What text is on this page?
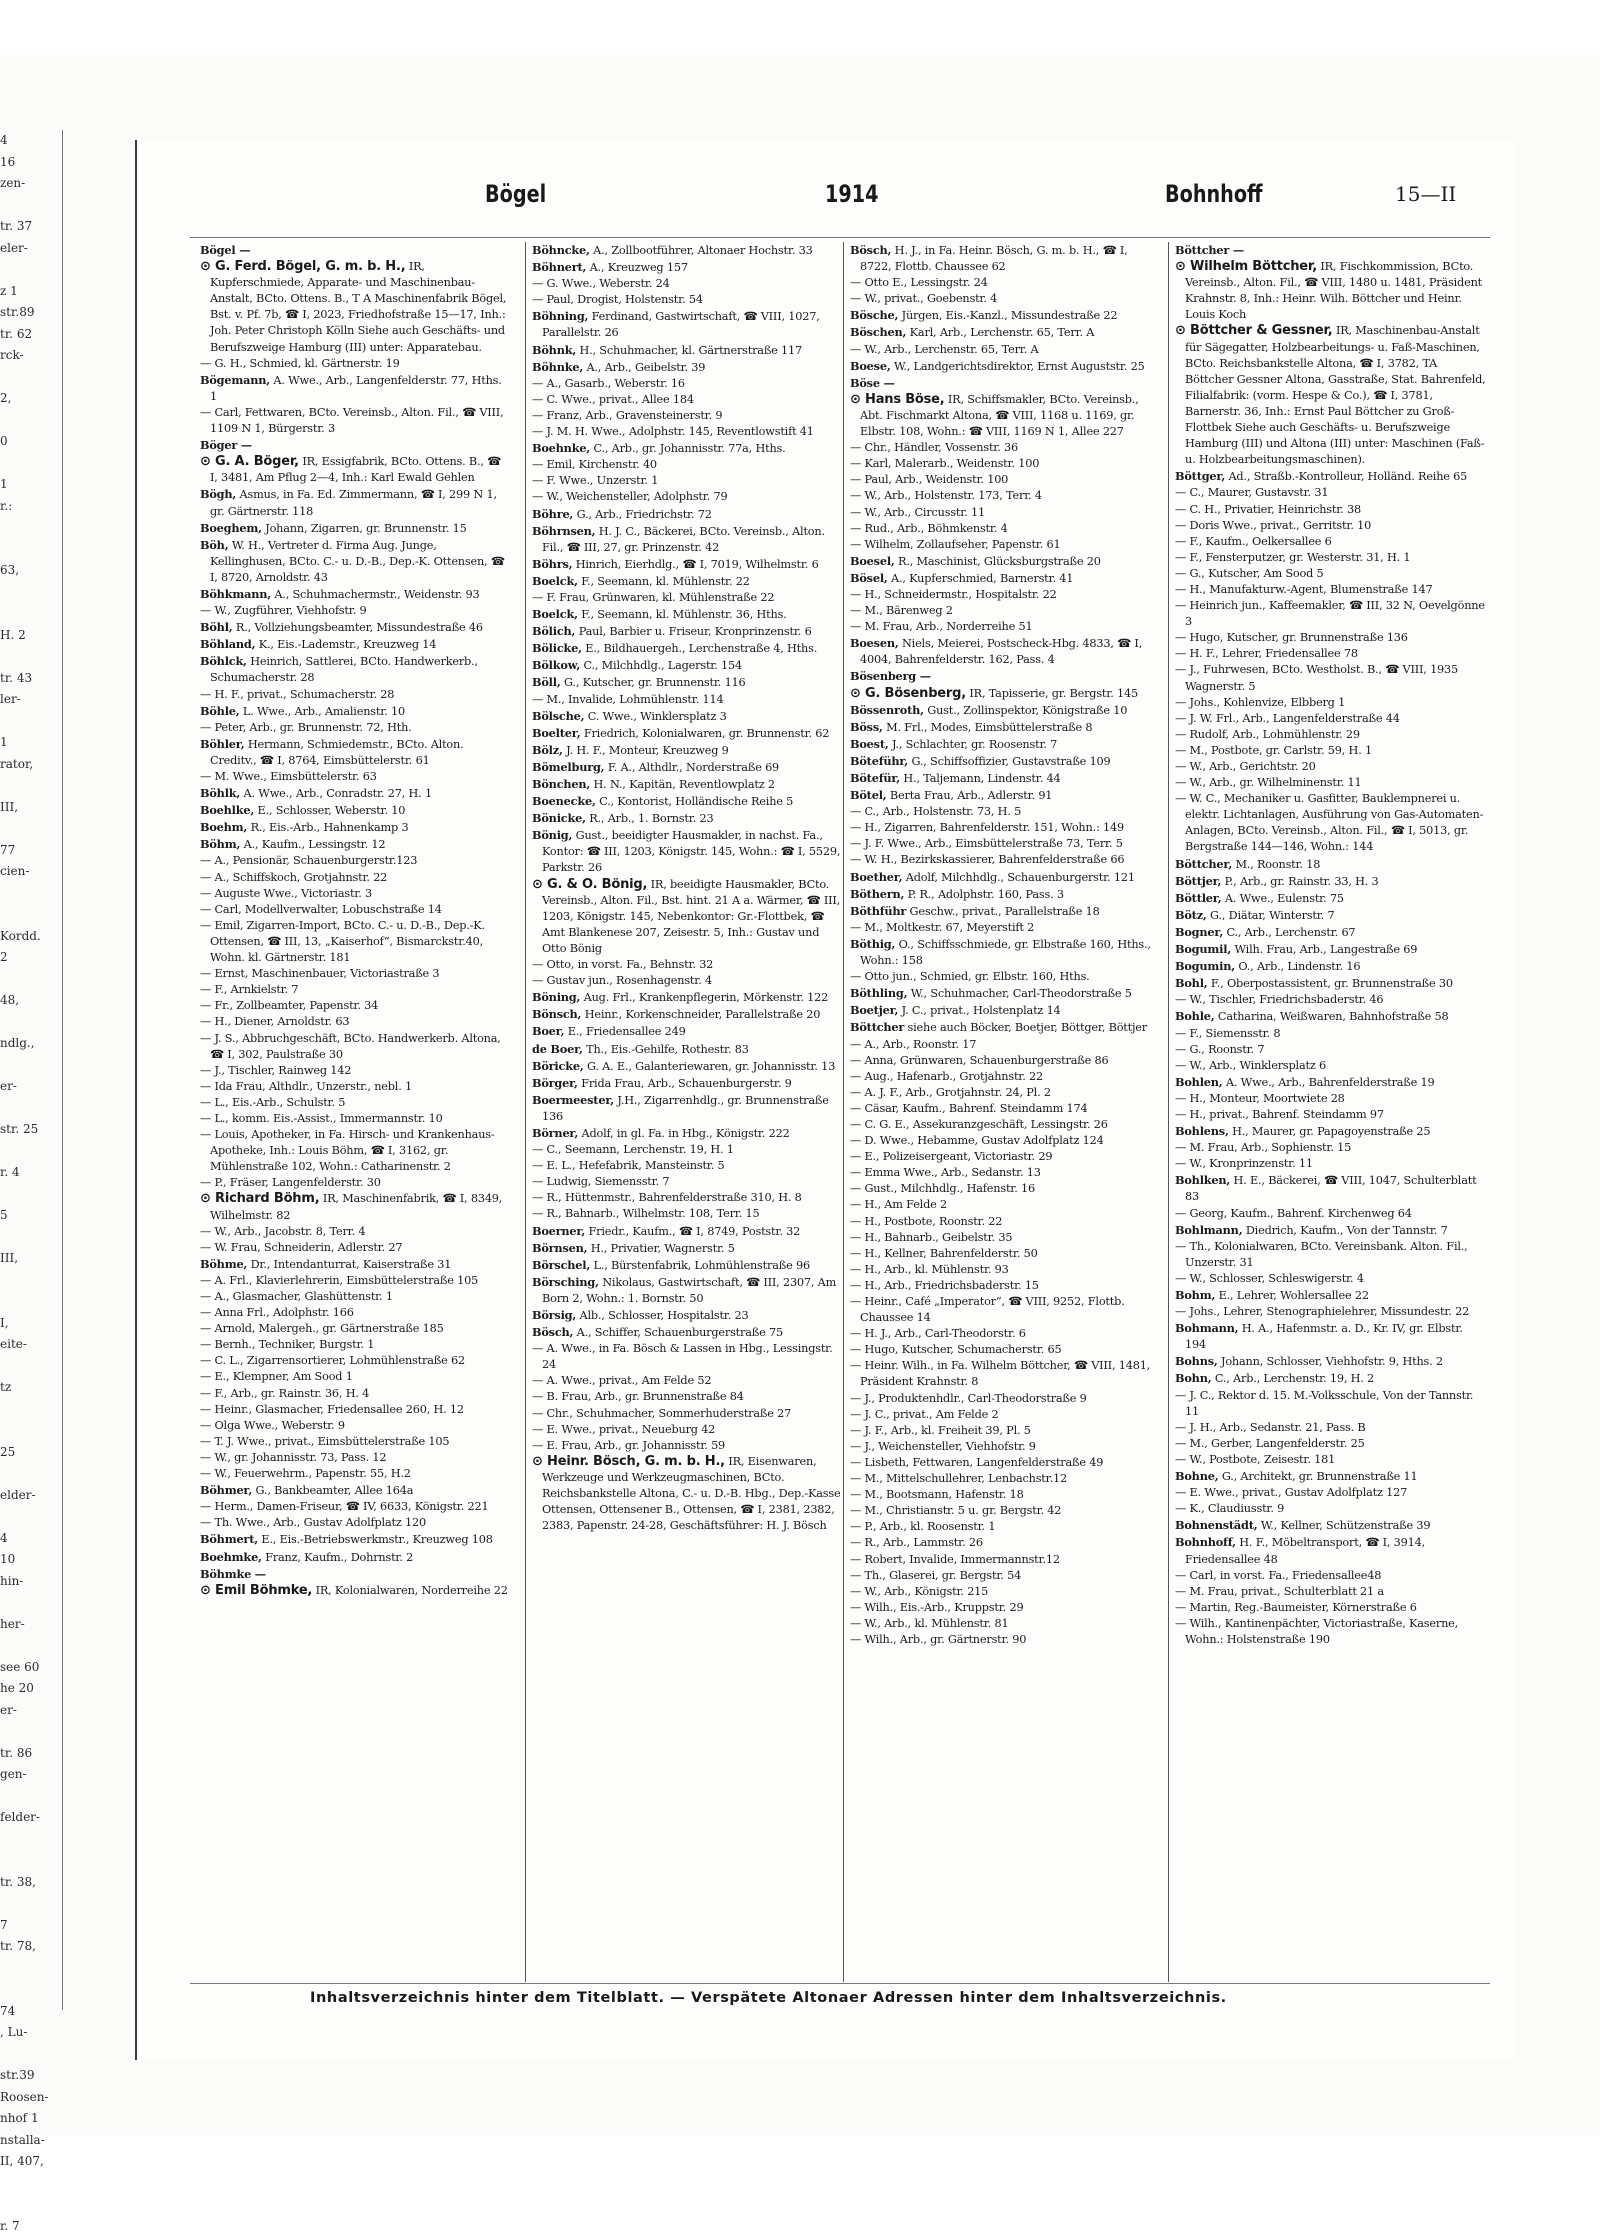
4
16
zen-

tr. 37
eler-

z 1
str.89
tr. 62
rck-

2,

0

1
r.:

63,

H. 2

tr. 43
ler-

1
rator,

III,

77
cien-

Kordd.
2

48,

ndlg.,

er-

str. 25

r. 4

5

III,

I,
eite-

tz

25

elder-

4
10
hin-

her-

see 60
he 20
er-

tr. 86
gen-

felder-

tr. 38,

7
tr. 78,

74
, Lu-

str.39
Roosen-
nhof 1
nstalla-
II, 407,

r. 7
Bögel	1914	Bohnhoff	15—II

Bögel —

⊙ G. Ferd. Bögel, G. m. b. H., IR, Kupferschmiede, Apparate- und Maschinenbau-Anstalt, BCto. Ottens. B., T A Maschinenfabrik Bögel, Bst. v. Pf. 7b, ☎ I, 2023, Friedhofstraße 15—17, Inh.: Joh. Peter Christoph Kölln Siehe auch Geschäfts- und Berufszweige Hamburg (III) unter: Apparatebau.

— G. H., Schmied, kl. Gärtnerstr. 19

Bögemann, A. Wwe., Arb., Langenfelderstr. 77, Hths. 1

— Carl, Fettwaren, BCto. Vereinsb., Alton. Fil., ☎ VIII, 1109 N 1, Bürgerstr. 3

Böger —

⊙ G. A. Böger, IR, Essigfabrik, BCto. Ottens. B., ☎ I, 3481, Am Pflug 2—4, Inh.: Karl Ewald Gehlen

Bögh, Asmus, in Fa. Ed. Zimmermann, ☎ I, 299 N 1, gr. Gärtnerstr. 118

Boeghem, Johann, Zigarren, gr. Brunnenstr. 15

Böh, W. H., Vertreter d. Firma Aug. Junge, Kellinghusen, BCto. C.- u. D.-B., Dep.-K. Ottensen, ☎ I, 8720, Arnoldstr. 43

Böhkmann, A., Schuhmachermstr., Weidenstr. 93

— W., Zugführer, Viehhofstr. 9

Böhl, R., Vollziehungsbeamter, Missundestraße 46

Böhland, K., Eis.-Lademstr., Kreuzweg 14

Böhlck, Heinrich, Sattlerei, BCto. Handwerkerb., Schumacherstr. 28

— H. F., privat., Schumacherstr. 28

Böhle, L. Wwe., Arb., Amalienstr. 10

— Peter, Arb., gr. Brunnenstr. 72, Hth.

Böhler, Hermann, Schmiedemstr., BCto. Alton. Creditv., ☎ I, 8764, Eimsbüttelerstr. 61

— M. Wwe., Eimsbüttelerstr. 63

Böhlk, A. Wwe., Arb., Conradstr. 27, H. 1

Boehlke, E., Schlosser, Weberstr. 10

Boehm, R., Eis.-Arb., Hahnenkamp 3

Böhm, A., Kaufm., Lessingstr. 12

— A., Pensionär, Schauenburgerstr.123

— A., Schiffskoch, Grotjahnstr. 22

— Auguste Wwe., Victoriastr. 3

— Carl, Modellverwalter, Lobuschstraße 14

— Emil, Zigarren-Import, BCto. C.- u. D.-B., Dep.-K. Ottensen, ☎ III, 13, „Kaiserhof“, Bismarckstr.40, Wohn. kl. Gärtnerstr. 181

— Ernst, Maschinenbauer, Victoriastraße 3

— F., Arnkielstr. 7

— Fr., Zollbeamter, Papenstr. 34

— H., Diener, Arnoldstr. 63

— J. S., Abbruchgeschäft, BCto. Handwerkerb. Altona, ☎ I, 302, Paulstraße 30

— J., Tischler, Rainweg 142

— Ida Frau, Althdlr., Unzerstr., nebl. 1

— L., Eis.-Arb., Schulstr. 5

— L., komm. Eis.-Assist., Immermannstr. 10

— Louis, Apotheker, in Fa. Hirsch- und Krankenhaus-Apotheke, Inh.: Louis Böhm, ☎ I, 3162, gr. Mühlenstraße 102, Wohn.: Catharinenstr. 2

— P., Fräser, Langenfelderstr. 30

⊙ Richard Böhm, IR, Maschinenfabrik, ☎ I, 8349, Wilhelmstr. 82

— W., Arb., Jacobstr. 8, Terr. 4

— W. Frau, Schneiderin, Adlerstr. 27

Böhme, Dr., Intendanturrat, Kaiserstraße 31

— A. Frl., Klavierlehrerin, Eimsbüttelerstraße 105

— A., Glasmacher, Glashüttenstr. 1

— Anna Frl., Adolphstr. 166

— Arnold, Malergeh., gr. Gärtnerstraße 185

— Bernh., Techniker, Burgstr. 1

— C. L., Zigarrensortierer, Lohmühlenstraße 62

— E., Klempner, Am Sood 1

— F., Arb., gr. Rainstr. 36, H. 4

— Heinr., Glasmacher, Friedensallee 260, H. 12

— Olga Wwe., Weberstr. 9

— T. J. Wwe., privat., Eimsbüttelerstraße 105

— W., gr. Johannisstr. 73, Pass. 12

— W., Feuerwehrm., Papenstr. 55, H.2

Böhmer, G., Bankbeamter, Allee 164a

— Herm., Damen-Friseur, ☎ IV, 6633, Königstr. 221

— Th. Wwe., Arb., Gustav Adolfplatz 120

Böhmert, E., Eis.-Betriebswerkmstr., Kreuzweg 108

Boehmke, Franz, Kaufm., Dohrnstr. 2

Böhmke —

⊙ Emil Böhmke, IR, Kolonialwaren, Norderreihe 22

Böhncke, A., Zollbootführer, Altonaer Hochstr. 33

Böhnert, A., Kreuzweg 157

— G. Wwe., Weberstr. 24

— Paul, Drogist, Holstenstr. 54

Böhning, Ferdinand, Gastwirtschaft, ☎ VIII, 1027, Parallelstr. 26

Böhnk, H., Schuhmacher, kl. Gärtnerstraße 117

Böhnke, A., Arb., Geibelstr. 39

— A., Gasarb., Weberstr. 16

— C. Wwe., privat., Allee 184

— Franz, Arb., Gravensteinerstr. 9

— J. M. H. Wwe., Adolphstr. 145, Reventlowstift 41

Boehnke, C., Arb., gr. Johannisstr. 77a, Hths.

— Emil, Kirchenstr. 40

— F. Wwe., Unzerstr. 1

— W., Weichensteller, Adolphstr. 79

Böhre, G., Arb., Friedrichstr. 72

Böhrnsen, H. J. C., Bäckerei, BCto. Vereinsb., Alton. Fil., ☎ III, 27, gr. Prinzenstr. 42

Böhrs, Hinrich, Eierhdlg., ☎ I, 7019, Wilhelmstr. 6

Boelck, F., Seemann, kl. Mühlenstr. 22

— F. Frau, Grünwaren, kl. Mühlenstraße 22

Boelck, F., Seemann, kl. Mühlenstr. 36, Hths.

Bölich, Paul, Barbier u. Friseur, Kronprinzenstr. 6

Bölicke, E., Bildhauergeh., Lerchenstraße 4, Hths.

Bölkow, C., Milchhdlg., Lagerstr. 154

Böll, G., Kutscher, gr. Brunnenstr. 116

— M., Invalide, Lohmühlenstr. 114

Bölsche, C. Wwe., Winklersplatz 3

Boelter, Friedrich, Kolonialwaren, gr. Brunnenstr. 62

Bölz, J. H. F., Monteur, Kreuzweg 9

Bömelburg, F. A., Althdlr., Norderstraße 69

Bönchen, H. N., Kapitän, Reventlowplatz 2

Boenecke, C., Kontorist, Holländische Reihe 5

Bönicke, R., Arb., 1. Bornstr. 23

Bönig, Gust., beeidigter Hausmakler, in nachst. Fa., Kontor: ☎ III, 1203, Königstr. 145, Wohn.: ☎ I, 5529, Parkstr. 26

⊙ G. & O. Bönig, IR, beeidigte Hausmakler, BCto. Vereinsb., Alton. Fil., Bst. hint. 21 A a. Wärmer, ☎ III, 1203, Königstr. 145, Nebenkontor: Gr.-Flottbek, ☎ Amt Blankenese 207, Zeisestr. 5, Inh.: Gustav und Otto Bönig

— Otto, in vorst. Fa., Behnstr. 32

— Gustav jun., Rosenhagenstr. 4

Böning, Aug. Frl., Krankenpflegerin, Mörkenstr. 122

Bönsch, Heinr., Korkenschneider, Parallelstraße 20

Boer, E., Friedensallee 249

de Boer, Th., Eis.-Gehilfe, Rothestr. 83

Böricke, G. A. E., Galanteriewaren, gr. Johannisstr. 13

Börger, Frida Frau, Arb., Schauenburgerstr. 9

Boermeester, J.H., Zigarrenhdlg., gr. Brunnenstraße 136

Börner, Adolf, in gl. Fa. in Hbg., Königstr. 222

— C., Seemann, Lerchenstr. 19, H. 1

— E. L., Hefefabrik, Mansteinstr. 5

— Ludwig, Siemensstr. 7

— R., Hüttenmstr., Bahrenfelderstraße 310, H. 8

— R., Bahnarb., Wilhelmstr. 108, Terr. 15

Boerner, Friedr., Kaufm., ☎ I, 8749, Poststr. 32

Börnsen, H., Privatier, Wagnerstr. 5

Börschel, L., Bürstenfabrik, Lohmühlenstraße 96

Börsching, Nikolaus, Gastwirtschaft, ☎ III, 2307, Am Born 2, Wohn.: 1. Bornstr. 50

Börsig, Alb., Schlosser, Hospitalstr. 23

Bösch, A., Schiffer, Schauenburgerstraße 75

— A. Wwe., in Fa. Bösch & Lassen in Hbg., Lessingstr. 24

— A. Wwe., privat., Am Felde 52

— B. Frau, Arb., gr. Brunnenstraße 84

— Chr., Schuhmacher, Sommerhuderstraße 27

— E. Wwe., privat., Neueburg 42

— E. Frau, Arb., gr. Johannisstr. 59

⊙ Heinr. Bösch, G. m. b. H., IR, Eisenwaren, Werkzeuge und Werkzeugmaschinen, BCto. Reichsbankstelle Altona, C.- u. D.-B. Hbg., Dep.-Kasse Ottensen, Ottensener B., Ottensen, ☎ I, 2381, 2382, 2383, Papenstr. 24-28, Geschäftsführer: H. J. Bösch

Bösch, H. J., in Fa. Heinr. Bösch, G. m. b. H., ☎ I, 8722, Flottb. Chaussee 62

— Otto E., Lessingstr. 24

— W., privat., Goebenstr. 4

Bösche, Jürgen, Eis.-Kanzl., Missundestraße 22

Böschen, Karl, Arb., Lerchenstr. 65, Terr. A

— W., Arb., Lerchenstr. 65, Terr. A

Boese, W., Landgerichtsdirektor, Ernst Auguststr. 25

Böse —

⊙ Hans Böse, IR, Schiffsmakler, BCto. Vereinsb., Abt. Fischmarkt Altona, ☎ VIII, 1168 u. 1169, gr. Elbstr. 108, Wohn.: ☎ VIII, 1169 N 1, Allee 227

— Chr., Händler, Vossenstr. 36

— Karl, Malerarb., Weidenstr. 100

— Paul, Arb., Weidenstr. 100

— W., Arb., Holstenstr. 173, Terr. 4

— W., Arb., Circusstr. 11

— Rud., Arb., Böhmkenstr. 4

— Wilhelm, Zollaufseher, Papenstr. 61

Boesel, R., Maschinist, Glücksburgstraße 20

Bösel, A., Kupferschmied, Barnerstr. 41

— H., Schneidermstr., Hospitalstr. 22

— M., Bärenweg 2

— M. Frau, Arb., Norderreihe 51

Boesen, Niels, Meierei, Postscheck-Hbg. 4833, ☎ I, 4004, Bahrenfelderstr. 162, Pass. 4

Bösenberg —

⊙ G. Bösenberg, IR, Tapisserie, gr. Bergstr. 145

Bössenroth, Gust., Zollinspektor, Königstraße 10

Böss, M. Frl., Modes, Eimsbüttelerstraße 8

Boest, J., Schlachter, gr. Roosenstr. 7

Böteführ, G., Schiffsoffizier, Gustavstraße 109

Bötefür, H., Taljemann, Lindenstr. 44

Bötel, Berta Frau, Arb., Adlerstr. 91

— C., Arb., Holstenstr. 73, H. 5

— H., Zigarren, Bahrenfelderstr. 151, Wohn.: 149

— J. F. Wwe., Arb., Eimsbüttelerstraße 73, Terr. 5

— W. H., Bezirkskassierer, Bahrenfelderstraße 66

Boether, Adolf, Milchhdlg., Schauenburgerstr. 121

Böthern, P. R., Adolphstr. 160, Pass. 3

Böthführ Geschw., privat., Parallelstraße 18

— M., Moltkestr. 67, Meyerstift 2

Böthig, O., Schiffsschmiede, gr. Elbstraße 160, Hths., Wohn.: 158

— Otto jun., Schmied, gr. Elbstr. 160, Hths.

Böthling, W., Schuhmacher, Carl-Theodorstraße 5

Boetjer, J. C., privat., Holstenplatz 14

Böttcher siehe auch Böcker, Boetjer, Böttger, Böttjer

— A., Arb., Roonstr. 17

— Anna, Grünwaren, Schauenburgerstraße 86

— Aug., Hafenarb., Grotjahnstr. 22

— A. J. F., Arb., Grotjahnstr. 24, Pl. 2

— Cäsar, Kaufm., Bahrenf. Steindamm 174

— C. G. E., Assekuranzgeschäft, Lessingstr. 26

— D. Wwe., Hebamme, Gustav Adolfplatz 124

— E., Polizeisergeant, Victoriastr. 29

— Emma Wwe., Arb., Sedanstr. 13

— Gust., Milchhdlg., Hafenstr. 16

— H., Am Felde 2

— H., Postbote, Roonstr. 22

— H., Bahnarb., Geibelstr. 35

— H., Kellner, Bahrenfelderstr. 50

— H., Arb., kl. Mühlenstr. 93

— H., Arb., Friedrichsbaderstr. 15

— Heinr., Café „Imperator“, ☎ VIII, 9252, Flottb. Chaussee 14

— H. J., Arb., Carl-Theodorstr. 6

— Hugo, Kutscher, Schumacherstr. 65

— Heinr. Wilh., in Fa. Wilhelm Böttcher, ☎ VIII, 1481, Präsident Krahnstr. 8

— J., Produktenhdlr., Carl-Theodorstraße 9

— J. C., privat., Am Felde 2

— J. F., Arb., kl. Freiheit 39, Pl. 5

— J., Weichensteller, Viehhofstr. 9

— Lisbeth, Fettwaren, Langenfelderstraße 49

— M., Mittelschullehrer, Lenbachstr.12

— M., Bootsmann, Hafenstr. 18

— M., Christianstr. 5 u. gr. Bergstr. 42

— P., Arb., kl. Roosenstr. 1

— R., Arb., Lammstr. 26

— Robert, Invalide, Immermannstr.12

— Th., Glaserei, gr. Bergstr. 54

— W., Arb., Königstr. 215

— Wilh., Eis.-Arb., Kruppstr. 29

— W., Arb., kl. Mühlenstr. 81

— Wilh., Arb., gr. Gärtnerstr. 90

Böttcher —

⊙ Wilhelm Böttcher, IR, Fischkommission, BCto. Vereinsb., Alton. Fil., ☎ VIII, 1480 u. 1481, Präsident Krahnstr. 8, Inh.: Heinr. Wilh. Böttcher und Heinr. Louis Koch

⊙ Böttcher & Gessner, IR, Maschinenbau-Anstalt für Sägegatter, Holzbearbeitungs- u. Faß-Maschinen, BCto. Reichsbankstelle Altona, ☎ I, 3782, TA Böttcher Gessner Altona, Gasstraße, Stat. Bahrenfeld, Filialfabrik: (vorm. Hespe & Co.), ☎ I, 3781, Barnerstr. 36, Inh.: Ernst Paul Böttcher zu Groß-Flottbek Siehe auch Geschäfts- u. Berufszweige Hamburg (III) und Altona (III) unter: Maschinen (Faß- u. Holzbearbeitungsmaschinen).

Böttger, Ad., Straßb.-Kontrolleur, Holländ. Reihe 65

— C., Maurer, Gustavstr. 31

— C. H., Privatier, Heinrichstr. 38

— Doris Wwe., privat., Gerritstr. 10

— F., Kaufm., Oelkersallee 6

— F., Fensterputzer, gr. Westerstr. 31, H. 1

— G., Kutscher, Am Sood 5

— H., Manufakturw.-Agent, Blumenstraße 147

— Heinrich jun., Kaffeemakler, ☎ III, 32 N, Oevelgönne 3

— Hugo, Kutscher, gr. Brunnenstraße 136

— H. F., Lehrer, Friedensallee 78

— J., Fuhrwesen, BCto. Westholst. B., ☎ VIII, 1935 Wagnerstr. 5

— Johs., Kohlenvize, Elbberg 1

— J. W. Frl., Arb., Langenfelderstraße 44

— Rudolf, Arb., Lohmühlenstr. 29

— M., Postbote, gr. Carlstr. 59, H. 1

— W., Arb., Gerichtstr. 20

— W., Arb., gr. Wilhelminenstr. 11

— W. C., Mechaniker u. Gasfitter, Bauklempnerei u. elektr. Lichtanlagen, Ausführung von Gas-Automaten-Anlagen, BCto. Vereinsb., Alton. Fil., ☎ I, 5013, gr. Bergstraße 144—146, Wohn.: 144

Böttcher, M., Roonstr. 18

Böttjer, P., Arb., gr. Rainstr. 33, H. 3

Böttler, A. Wwe., Eulenstr. 75

Bötz, G., Diätar, Winterstr. 7

Bogner, C., Arb., Lerchenstr. 67

Bogumil, Wilh. Frau, Arb., Langestraße 69

Bogumin, O., Arb., Lindenstr. 16

Bohl, F., Oberpostassistent, gr. Brunnenstraße 30

— W., Tischler, Friedrichsbaderstr. 46

Bohle, Catharina, Weißwaren, Bahnhofstraße 58

— F., Siemensstr. 8

— G., Roonstr. 7

— W., Arb., Winklersplatz 6

Bohlen, A. Wwe., Arb., Bahrenfelderstraße 19

— H., Monteur, Moortwiete 28

— H., privat., Bahrenf. Steindamm 97

Bohlens, H., Maurer, gr. Papagoyenstraße 25

— M. Frau, Arb., Sophienstr. 15

— W., Kronprinzenstr. 11

Bohlken, H. E., Bäckerei, ☎ VIII, 1047, Schulterblatt 83

— Georg, Kaufm., Bahrenf. Kirchenweg 64

Bohlmann, Diedrich, Kaufm., Von der Tannstr. 7

— Th., Kolonialwaren, BCto. Vereinsbank. Alton. Fil., Unzerstr. 31

— W., Schlosser, Schleswigerstr. 4

Bohm, E., Lehrer, Wohlersallee 22

— Johs., Lehrer, Stenographielehrer, Missundestr. 22

Bohmann, H. A., Hafenmstr. a. D., Kr. IV, gr. Elbstr. 194

Bohns, Johann, Schlosser, Viehhofstr. 9, Hths. 2

Bohn, C., Arb., Lerchenstr. 19, H. 2

— J. C., Rektor d. 15. M.-Volksschule, Von der Tannstr. 11

— J. H., Arb., Sedanstr. 21, Pass. B

— M., Gerber, Langenfelderstr. 25

— W., Postbote, Zeisestr. 181

Bohne, G., Architekt, gr. Brunnenstraße 11

— E. Wwe., privat., Gustav Adolfplatz 127

— K., Claudiusstr. 9

Bohnenstädt, W., Kellner, Schützenstraße 39

Bohnhoff, H. F., Möbeltransport, ☎ I, 3914, Friedensallee 48

— Carl, in vorst. Fa., Friedensallee48

— M. Frau, privat., Schulterblatt 21 a

— Martin, Reg.-Baumeister, Körnerstraße 6

— Wilh., Kantinenpächter, Victoriastraße, Kaserne, Wohn.: Holstenstraße 190

Inhaltsverzeichnis hinter dem Titelblatt. — Verspätete Altonaer Adressen hinter dem Inhaltsverzeichnis.
